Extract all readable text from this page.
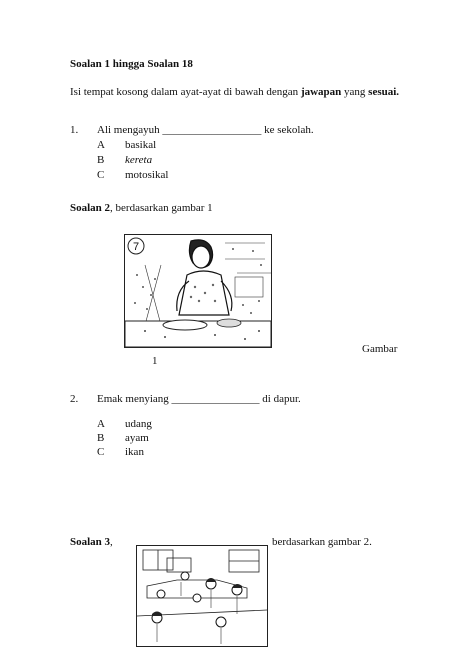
Soalan 1 hingga Soalan 18
Isi tempat kosong dalam ayat-ayat di bawah dengan jawapan yang sesuai.
1. Ali mengayuh __________________ ke sekolah.
A basikal
B kereta
C motosikal
Soalan 2, berdasarkan gambar 1
7
Gambar
1
2. Emak menyiang ________________ di dapur.
A udang
B ayam
C ikan
Soalan 3,	berdasarkan gambar 2.
